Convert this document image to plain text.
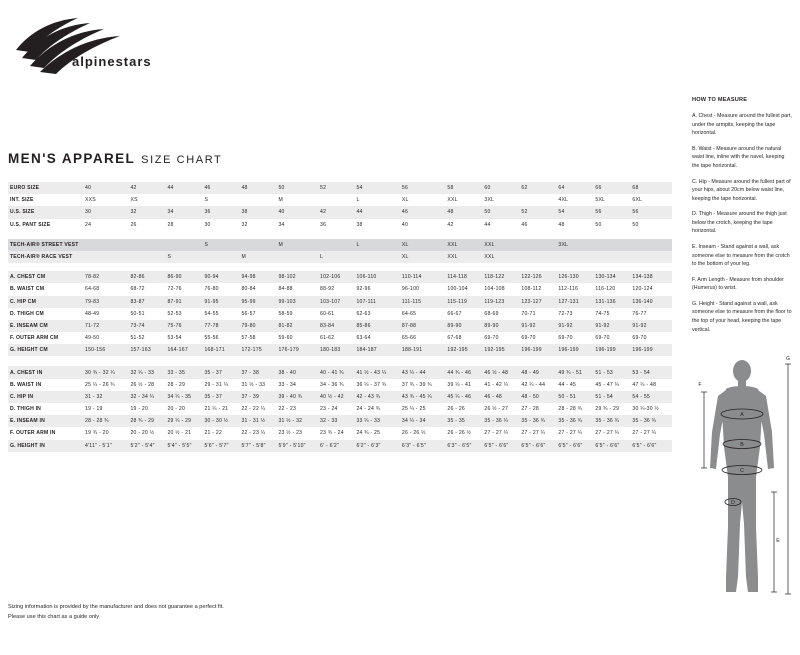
alpinestars
MEN'S APPAREL SIZE CHART
EURO SIZE	40	42	44	46	48	50	52	54	56	58	60	62	64	66	68
INT. SIZE	XXS	XS		S		M		L	XL	XXL	3XL		4XL	5XL	6XL
U.S. SIZE	30	32	34	36	38	40	42	44	46	48	50	52	54	56	56
U.S. PANT SIZE	24	26	28	30	32	34	36	38	40	42	44	46	48	50	50

TECH-AIR® STREET VEST				S		M		L	XL	XXL	XXL		3XL		
TECH-AIR® RACE VEST			S		M		L		XL	XXL	XXL				

A. CHEST CM	78-82	82-86	86-90	90-94	94-98	98-102	102-106	106-110	110-114	114-118	118-122	122-126	126-130	130-134	134-138
B. WAIST CM	64-68	68-72	72-76	76-80	80-84	84-88	88-92	92-96	96-100	100-104	104-108	108-112	112-116	116-120	120-124
C. HIP CM	79-83	83-87	87-91	91-95	95-99	99-103	103-107	107-111	111-115	115-119	119-123	123-127	127-131	131-136	136-140
D. THIGH CM	48-49	50-51	52-53	54-55	56-57	58-59	60-61	62-63	64-65	66-67	68-69	70-71	72-73	74-75	76-77
E. INSEAM CM	71-72	73-74	75-76	77-78	79-80	81-82	83-84	85-86	87-88	89-90	89-90	91-92	91-92	91-92	91-92
F. OUTER ARM CM	49-50	51-52	53-54	55-56	57-58	59-60	61-62	63-64	65-66	67-68	69-70	69-70	69-70	69-70	69-70
G. HEIGHT CM	150-156	157-163	164-167	168-171	172-175	176-179	180-183	184-187	188-191	192-195	192-195	196-199	196-199	196-199	196-199

A. CHEST IN	30 ¾ - 32 ¼	32 ¼ - 33	33 - 35	35 - 37	37 - 38	38 - 40	40 - 41 ¾	41 ½ - 43 ¼	43 ¼ - 44	44 ¾ - 46	46 ½ - 48	48 - 49	49 ¾ - 51	51 - 53	53 - 54
B. WAIST IN	25 ¼ - 26 ¾	26 ½ - 28	28 - 29	29 - 31 ¼	31 ½ - 33	33 - 34	34 - 36 ¾	36 ¼ - 37 ¾	37 ¾ - 39 ¾	39 ¼ - 41	41 - 42 ¼	42 ¼ - 44	44 - 45	45 - 47 ¼	47 ¼ - 48
C. HIP IN	31 - 32	32 - 34 ¼	34 ¼ - 35	35 - 37	37 - 39	39 - 40 ¾	40 ½ - 42	42 - 43 ¾	43 ¾ - 45 ¼	45 ¼ - 46	46 - 48	48 - 50	50 - 51	51 - 54	54 - 55
D. THIGH IN	19 - 19	19 - 20	20 - 20	21 ¼ - 21	22 - 22 ¼	22 - 23	23 - 24	24 - 24 ¾	25 ¼ - 25	26 - 26	26 ½ - 27	27 - 28	28 - 28 ¾	29 ¾ - 29	30 ¼-30 ½
E. INSEAM IN	28 - 28 ¾	28 ¾ - 29	29 ¼ - 29	30 - 30 ½	31 - 31 ½	31 ½ - 32	32 - 33	33 ¼ - 33	34 ¼ - 34	35 - 35	35 - 36 ¼	35 - 36 ¾	35 - 36 ¾	35 - 36 ¾	35 - 36 ¾
F. OUTER ARM IN	19 ¾ - 20	20 - 20 ½	20 ½ - 21	21 - 22	22 - 23 ¼	23 ½ - 23	23 ¾ - 24	24 ¾ - 25	26 - 26 ½	26 - 26 ½	27 - 27 ¼	27 - 27 ¼	27 - 27 ¼	27 - 27 ¼	27 - 27 ¼
G. HEIGHT IN	4'11" - 5'1"	5'2" - 5'4"	5'4" - 5'5"	5'6" - 5'7"	5'7" - 5'8"	5'9" - 5'10"	6' - 6'2"	6'2" - 6'3"	6'3" - 6'5"	6'3" - 6'5"	6'5" - 6'6"	6'5" - 6'6"	6'5" - 6'6"	6'5" - 6'6"	6'5" - 6'6"
HOW TO MEASURE

A. Chest - Measure around the fullest part, under the armpits, keeping the tape horizontal.

B. Waist - Measure around the natural waist line, inline with the navel, keeping the tape horizontal.

C. Hip - Measure around the fullest part of your hips, about 20cm below waist line, keeping the tape horizontal.

D. Thigh - Measure around the thigh just below the crotch, keeping the tape horizontal.

E. Inseam - Stand against a wall, ask someone else to measure from the crotch to the bottom of your leg.

F. Arm Length - Measure from shoulder (Humerus) to wrist.

G. Height - Stand against a wall, ask someone else to measure from the floor to the top of your head, keeping the tape vertical.

A
B
C
D
E
F
G
Sizing information is provided by the manufacturer and does not guarantee a perfect fit.
Please use this chart as a guide only
